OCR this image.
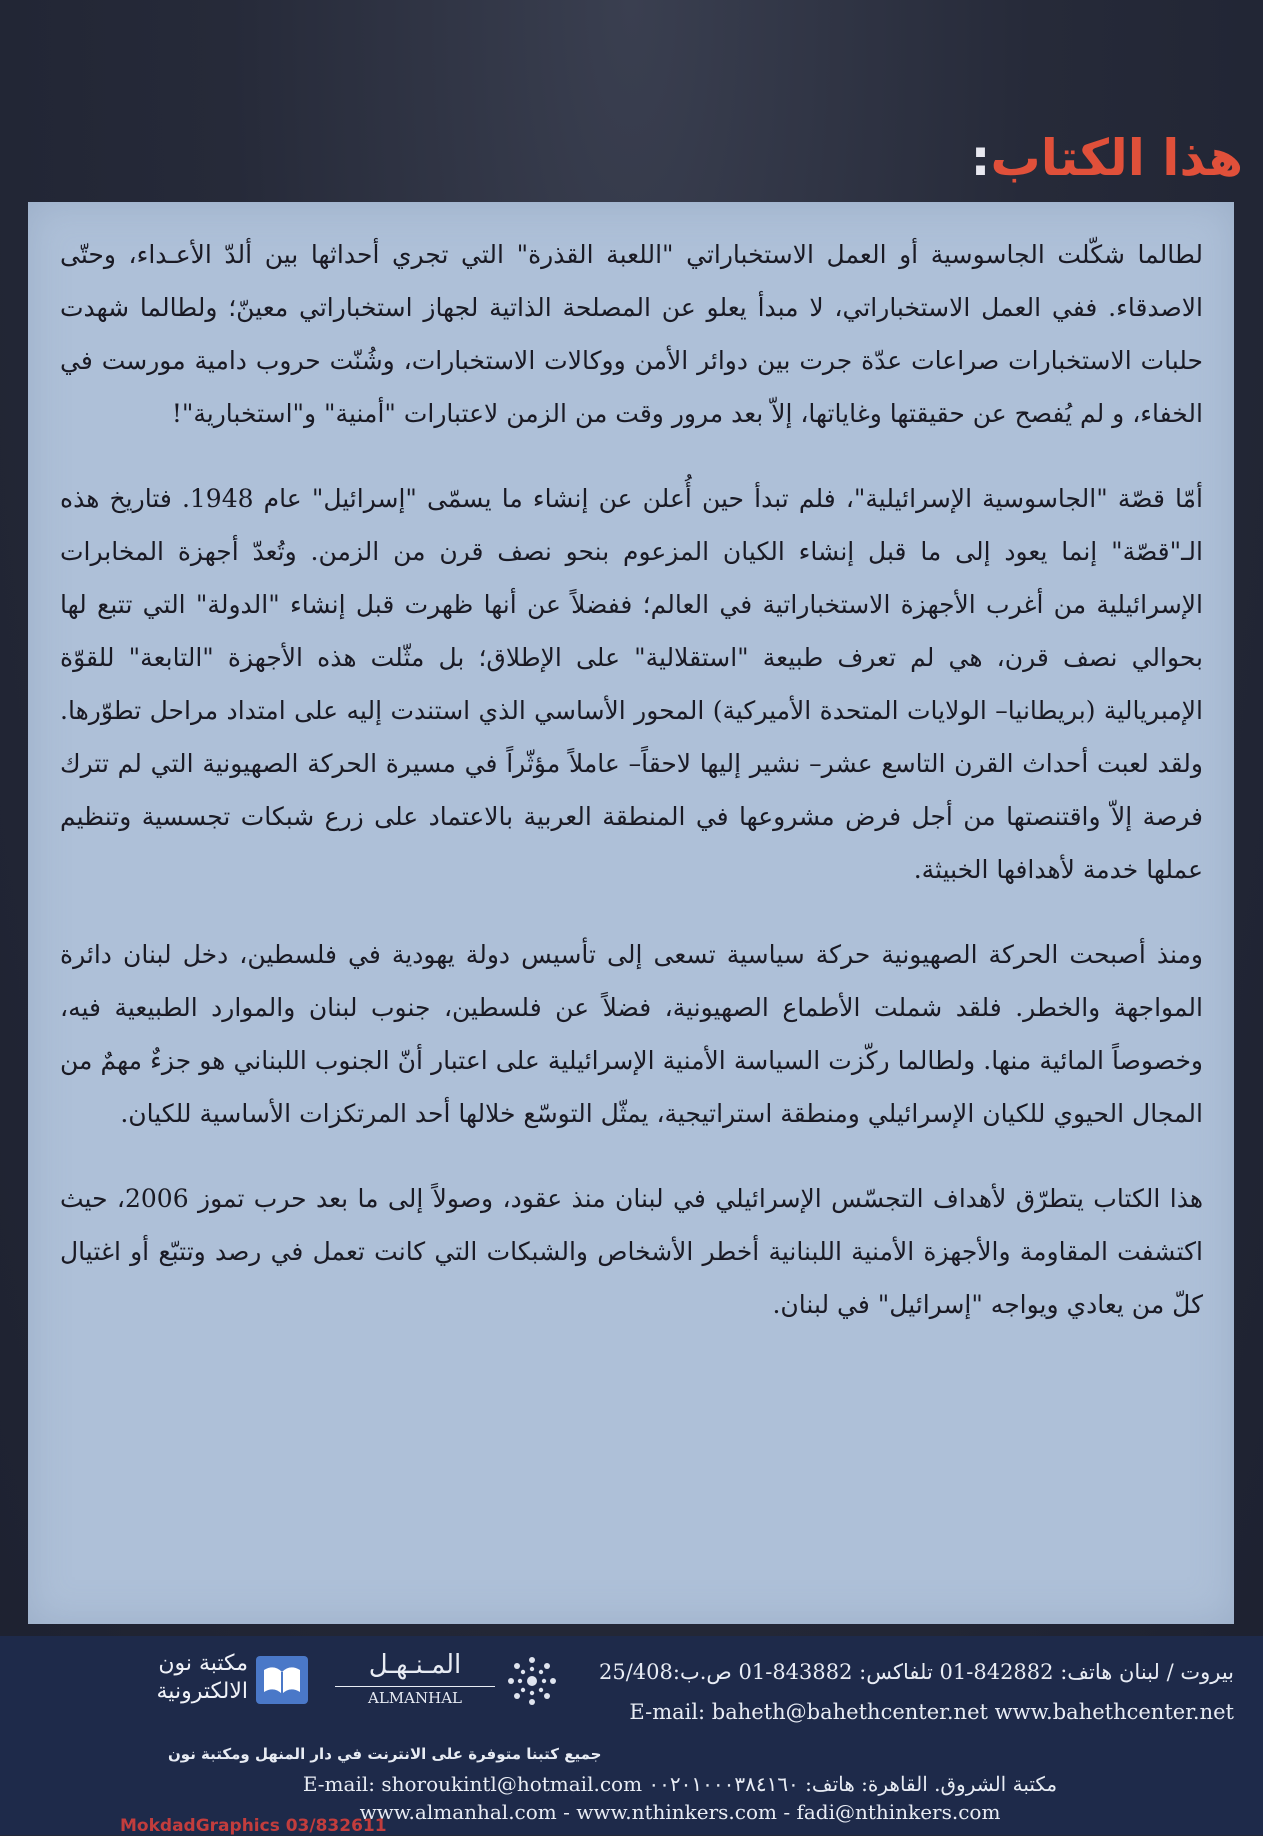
هذا الكتاب:

لطالما شكّلت الجاسوسية أو العمل الاستخباراتي "اللعبة القذرة" التي تجري أحداثها بين ألدّ الأعـداء، وحتّى الاصدقاء. ففي العمل الاستخباراتي، لا مبدأ يعلو عن المصلحة الذاتية لجهاز استخباراتي معينّ؛ ولطالما شهدت حلبات الاستخبارات صراعات عدّة جرت بين دوائر الأمن ووكالات الاستخبارات، وشُنّت حروب دامية مورست في الخفاء، و لم يُفصح عن حقيقتها وغاياتها، إلاّ بعد مرور وقت من الزمن لاعتبارات "أمنية" و"استخبارية"!

أمّا قصّة "الجاسوسية الإسرائيلية"، فلم تبدأ حين أُعلن عن إنشاء ما يسمّى "إسرائيل" عام 1948. فتاريخ هذه الـ"قصّة" إنما يعود إلى ما قبل إنشاء الكيان المزعوم بنحو نصف قرن من الزمن. وتُعدّ أجهزة المخابرات الإسرائيلية من أغرب الأجهزة الاستخباراتية في العالم؛ ففضلاً عن أنها ظهرت قبل إنشاء "الدولة" التي تتبع لها بحوالي نصف قرن، هي لم تعرف طبيعة "استقلالية" على الإطلاق؛ بل مثّلت هذه الأجهزة "التابعة" للقوّة الإمبريالية (بريطانيا– الولايات المتحدة الأميركية) المحور الأساسي الذي استندت إليه على امتداد مراحل تطوّرها. ولقد لعبت أحداث القرن التاسع عشر– نشير إليها لاحقاً– عاملاً مؤثّراً في مسيرة الحركة الصهيونية التي لم تترك فرصة إلاّ واقتنصتها من أجل فرض مشروعها في المنطقة العربية بالاعتماد على زرع شبكات تجسسية وتنظيم عملها خدمة لأهدافها الخبيثة.

ومنذ أصبحت الحركة الصهيونية حركة سياسية تسعى إلى تأسيس دولة يهودية في فلسطين، دخل لبنان دائرة المواجهة والخطر. فلقد شملت الأطماع الصهيونية، فضلاً عن فلسطين، جنوب لبنان والموارد الطبيعية فيه، وخصوصاً المائية منها. ولطالما ركّزت السياسة الأمنية الإسرائيلية على اعتبار أنّ الجنوب اللبناني هو جزءٌ مهمٌ من المجال الحيوي للكيان الإسرائيلي ومنطقة استراتيجية، يمثّل التوسّع خلالها أحد المرتكزات الأساسية للكيان.

هذا الكتاب يتطرّق لأهداف التجسّس الإسرائيلي في لبنان منذ عقود، وصولاً إلى ما بعد حرب تموز 2006، حيث اكتشفت المقاومة والأجهزة الأمنية اللبنانية أخطر الأشخاص والشبكات التي كانت تعمل في رصد وتتبّع أو اغتيال كلّ من يعادي ويواجه "إسرائيل" في لبنان.

مكتبة نون الالكترونية
المـنـهـل
ALMANHAL
بيروت / لبنان هاتف: 842882-01 تلفاكس: 843882-01 ص.ب:25/408
E-mail: baheth@bahethcenter.net www.bahethcenter.net
جميع كتبنا متوفرة على الانترنت في دار المنهل ومكتبة نون
مكتبة الشروق. القاهرة: هاتف: ٠٠٢٠١٠٠٠٣٨٤١٦٠ E-mail: shoroukintl@hotmail.com
www.almanhal.com - www.nthinkers.com - fadi@nthinkers.com
MokdadGraphics 03/832611
